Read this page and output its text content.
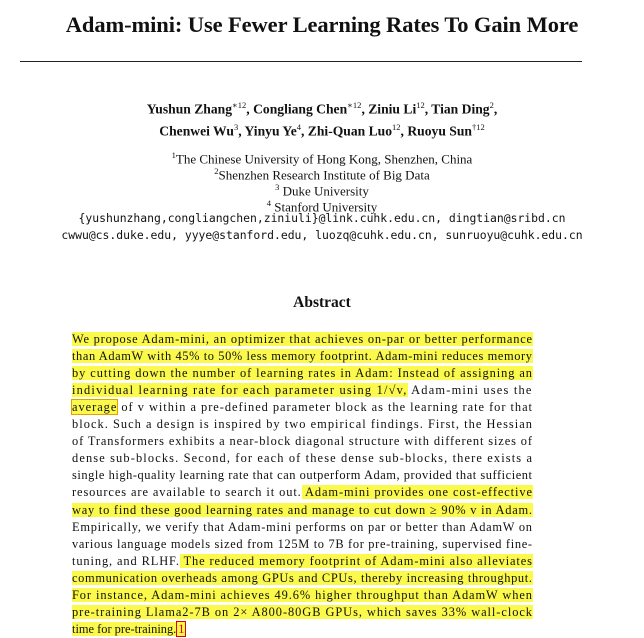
Adam-mini: Use Fewer Learning Rates To Gain More
Yushun Zhang$^{∗12}$, Congliang Chen$^{∗12}$, Ziniu Li$^{12}$, Tian Ding$^2$,
Chenwei Wu$^3$, Yinyu Ye$^4$, Zhi-Quan Luo$^{12}$, Ruoyu Sun$^{\dagger 12}$
$^1$The Chinese University of Hong Kong, Shenzhen, China
$^2$Shenzhen Research Institute of Big Data
$^3$ Duke University
$^4$ Stanford University
{yushunzhang,congliangchen,ziniuli}@link.cuhk.edu.cn, dingtian@sribd.cn
cwwu@cs.duke.edu, yyye@stanford.edu, luozq@cuhk.edu.cn, sunruoyu@cuhk.edu.cn
Abstract
We propose Adam-mini, an optimizer that achieves on-par or better performance
than AdamW with 45% to 50% less memory footprint. Adam-mini reduces memory
by cutting down the number of learning rates in Adam: Instead of assigning an
individual learning rate for each parameter using 1/√v, Adam-mini uses the
average of v within a pre-defined parameter block as the learning rate for that
block. Such a design is inspired by two empirical findings. First, the Hessian
of Transformers exhibits a near-block diagonal structure with different sizes of
dense sub-blocks. Second, for each of these dense sub-blocks, there exists a
single high-quality learning rate that can outperform Adam, provided that sufficient
resources are available to search it out. Adam-mini provides one cost-effective
way to find these good learning rates and manage to cut down ≥ 90% v in Adam.
Empirically, we verify that Adam-mini performs on par or better than AdamW on
various language models sized from 125M to 7B for pre-training, supervised fine-
tuning, and RLHF. The reduced memory footprint of Adam-mini also alleviates
communication overheads among GPUs and CPUs, thereby increasing throughput.
For instance, Adam-mini achieves 49.6% higher throughput than AdamW when
pre-training Llama2-7B on 2× A800-80GB GPUs, which saves 33% wall-clock
time for pre-training. 1
